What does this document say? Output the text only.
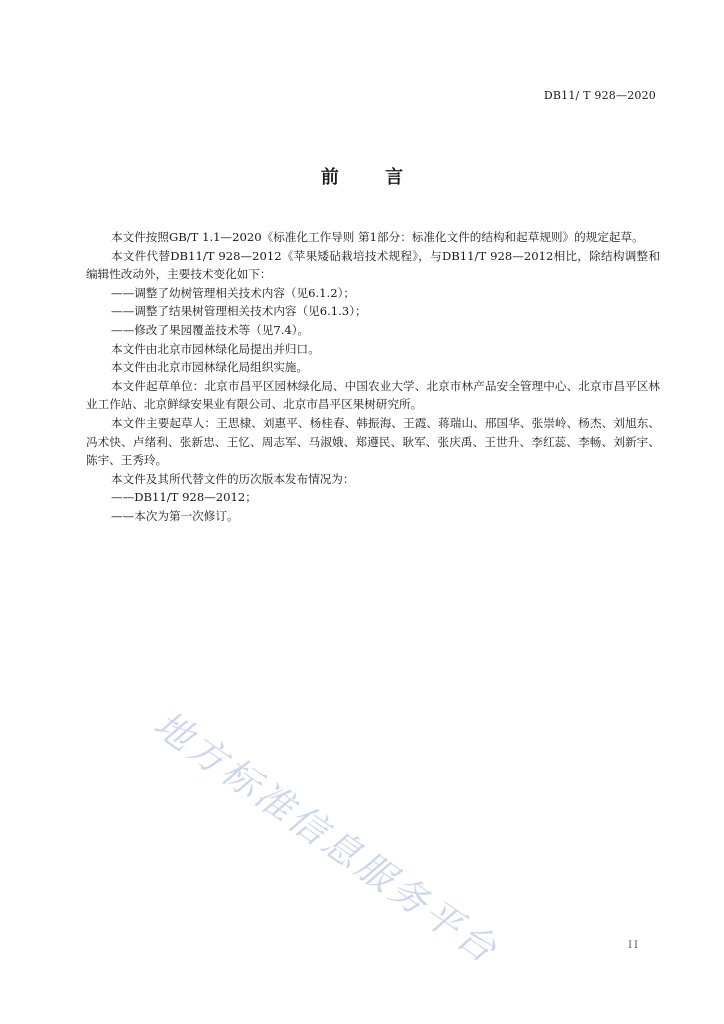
DB11/ T 928—2020
前 言

本文件按照GB/T 1.1—2020《标准化工作导则 第1部分：标准化文件的结构和起草规则》的规定起草。

本文件代替DB11/T 928—2012《苹果矮砧栽培技术规程》，与DB11/T 928—2012相比，除结构调整和编辑性改动外，主要技术变化如下：

——调整了幼树管理相关技术内容（见6.1.2）；

——调整了结果树管理相关技术内容（见6.1.3）；

——修改了果园覆盖技术等（见7.4）。

本文件由北京市园林绿化局提出并归口。

本文件由北京市园林绿化局组织实施。

本文件起草单位：北京市昌平区园林绿化局、中国农业大学、北京市林产品安全管理中心、北京市昌平区林业工作站、北京鲜绿安果业有限公司、北京市昌平区果树研究所。

本文件主要起草人：王思棣、刘惠平、杨桂春、韩振海、王霞、蒋瑞山、邢国华、张崇岭、杨杰、刘旭东、冯术快、卢绪利、张新忠、王忆、周志军、马淑娥、郑遵民、耿军、张庆禹、王世升、李红蕊、李畅、刘新宇、陈宇、王秀玲。

本文件及其所代替文件的历次版本发布情况为：

——DB11/T 928—2012；

——本次为第一次修订。

地方标准信息服务平台	II
